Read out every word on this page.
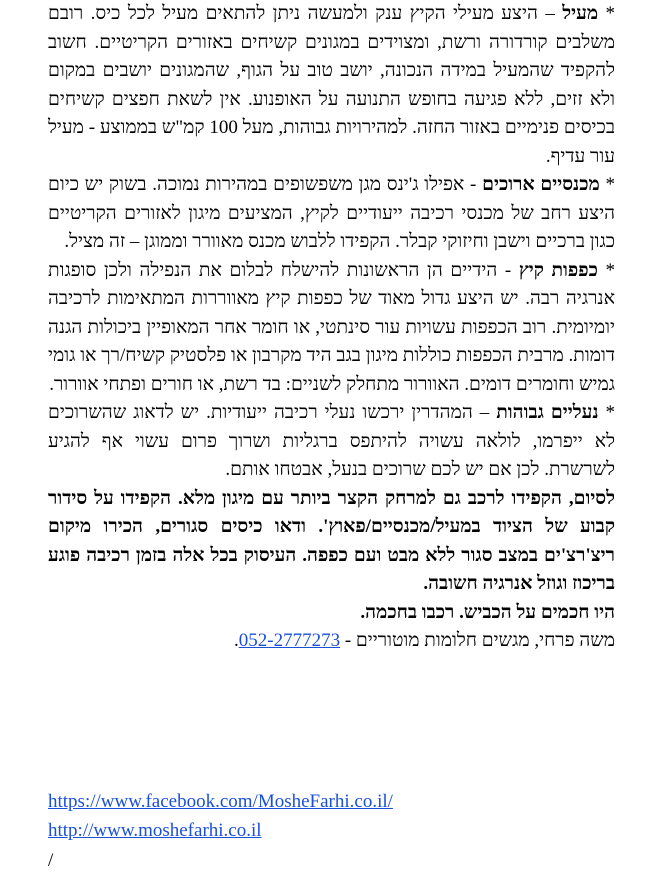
* מעיל – היצע מעילי הקיץ ענק ולמעשה ניתן להתאים מעיל לכל כיס. רובם משלבים קורדורה ורשת, ומצוידים במגונים קשיחים באזורים הקריטיים. חשוב להקפיד שהמעיל במידה הנכונה, יושב טוב על הגוף, שהמגונים יושבים במקום ולא זזים, ללא פגיעה בחופש התנועה על האופנוע. אין לשאת חפצים קשיחים בכיסים פנימיים באזור החזה. למהירויות גבוהות, מעל 100 קמ"ש בממוצע - מעיל עור עדיף.

* מכנסיים ארוכים - אפילו ג'ינס מגן משפשופים במהירות נמוכה. בשוק יש כיום היצע רחב של מכנסי רכיבה ייעודיים לקיץ, המציעים מיגון לאזורים הקריטיים כגון ברכיים וישבן וחיזוקי קבלר. הקפידו ללבוש מכנס מאוורר וממוגן – זה מציל.

* כפפות קיץ - הידיים הן הראשונות להישלח לבלום את הנפילה ולכן סופגות אנרגיה רבה. יש היצע גדול מאוד של כפפות קיץ מאווררות המתאימות לרכיבה יומיומית. רוב הכפפות עשויות עור סינתטי, או חומר אחר המאופיין ביכולות הגנה דומות. מרבית הכפפות כוללות מיגון בגב היד מקרבון או פלסטיק קשיח/רך או גומי גמיש וחומרים דומים. האוורור מתחלק לשניים: בד רשת, או חורים ופתחי אוורור.

* נעליים גבוהות – המהדרין ירכשו נעלי רכיבה ייעודיות. יש לדאוג שהשרוכים לא ייפרמו, לולאה עשויה להיתפס ברגליות ושרוך פרום עשוי אף להגיע לשרשרת. לכן אם יש לכם שרוכים בנעל, אבטחו אותם.

לסיום, הקפידו לרכב גם למרחק הקצר ביותר עם מיגון מלא. הקפידו על סידור קבוע של הציוד במעיל/מכנסיים/פאוץ'. ודאו כיסים סגורים, הכירו מיקום ריצ'רצ'ים במצב סגור ללא מבט ועם כפפה. העיסוק בכל אלה בזמן רכיבה פוגע בריכוז וגוזל אנרגיה חשובה.

היו חכמים על הכביש. רכבו בחכמה.

משה פרחי, מגשים חלומות מוטוריים - 052-2777273.

https://www.facebook.com/MosheFarhi.co.il/
http://www.moshefarhi.co.il
/
